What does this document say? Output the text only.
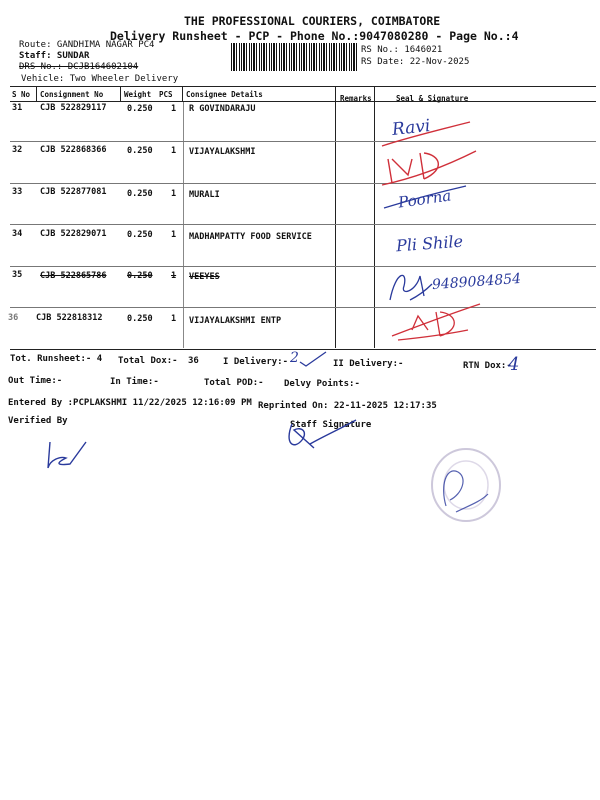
THE PROFESSIONAL COURIERS, COIMBATORE
Delivery Runsheet - PCP - Phone No.:9047080280 - Page No.:4
Route: GANDHIMA NAGAR PC4
Staff: SUNDAR
DRS No.: DCJB164602104
Vehicle: Two Wheeler Delivery
RS No.: 1646021
RS Date: 22-Nov-2025
S No Consignment No	Weight PCS Consignee Details	Remarks	Seal & Signature
31 CJB 522829117 0.250 1 R GOVINDARAJU
32 CJB 522868366 0.250 1 VIJAYALAKSHMI
33 CJB 522877081 0.250 1 MURALI
34 CJB 522829071 0.250 1 MADHAMPATTY FOOD SERVICE
35 CJB 522865786 0.250 1 VEEYES
36 CJB 522818312	0.250 1 VIJAYALAKSHMI ENTP
Tot. Runsheet:- 4 Total Dox:- 36	I Delivery:-	II Delivery:-	RTN Dox:-
Out Time:-	In Time:-	Total POD:- Delvy Points:-
Entered By :PCPLAKSHMI 11/22/2025 12:16:09 PM Reprinted On: 22-11-2025 12:17:35
Verified By	Staff Signature
Ravi
Poorna
Pli Shile
9489084854
2	4
